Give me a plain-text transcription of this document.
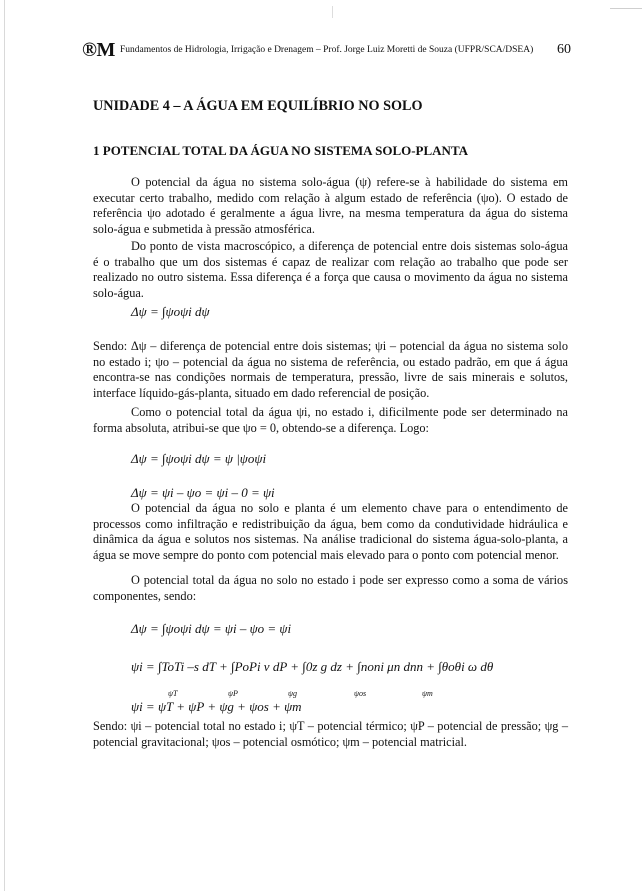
®M Fundamentos de Hidrologia, Irrigação e Drenagem – Prof. Jorge Luiz Moretti de Souza (UFPR/SCA/DSEA) 60
UNIDADE 4 – A ÁGUA EM EQUILÍBRIO NO SOLO
1 POTENCIAL TOTAL DA ÁGUA NO SISTEMA SOLO-PLANTA

O potencial da água no sistema solo-água (ψ) refere-se à habilidade do sistema em executar certo trabalho, medido com relação à algum estado de referência (ψo). O estado de referência ψo adotado é geralmente a água livre, na mesma temperatura da água do sistema solo-água e submetida à pressão atmosférica.

Do ponto de vista macroscópico, a diferença de potencial entre dois sistemas solo-água é o trabalho que um dos sistemas é capaz de realizar com relação ao trabalho que pode ser realizado no outro sistema. Essa diferença é a força que causa o movimento da água no sistema solo-água.

Δψ = ∫ψoψi dψ

Sendo: Δψ – diferença de potencial entre dois sistemas; ψi – potencial da água no sistema solo no estado i; ψo – potencial da água no sistema de referência, ou estado padrão, em que á água encontra-se nas condições normais de temperatura, pressão, livre de sais minerais e solutos, interface líquido-gás-planta, situado em dado referencial de posição.

Como o potencial total da água ψi, no estado i, dificilmente pode ser determinado na forma absoluta, atribui-se que ψo = 0, obtendo-se a diferença. Logo:

Δψ = ∫ψoψi dψ = ψ |ψoψi
Δψ = ψi – ψo = ψi – 0 = ψi

O potencial da água no solo e planta é um elemento chave para o entendimento de processos como infiltração e redistribuição da água, bem como da condutividade hidráulica e dinâmica da água e solutos nos sistemas. Na análise tradicional do sistema água-solo-planta, a água se move sempre do ponto com potencial mais elevado para o ponto com potencial menor.

O potencial total da água no solo no estado i pode ser expresso como a soma de vários componentes, sendo:

Δψ = ∫ψoψi dψ = ψi – ψo = ψi
ψi = ∫ToTi –s dT + ∫PoPi v dP + ∫0z g dz + ∫noni μn dnn + ∫θoθi ω dθ
ψT	ψP	ψg	ψos	ψm
ψi = ψT + ψP + ψg + ψos + ψm

Sendo: ψi – potencial total no estado i; ψT – potencial térmico; ψP – potencial de pressão; ψg – potencial gravitacional; ψos – potencial osmótico; ψm – potencial matricial.
